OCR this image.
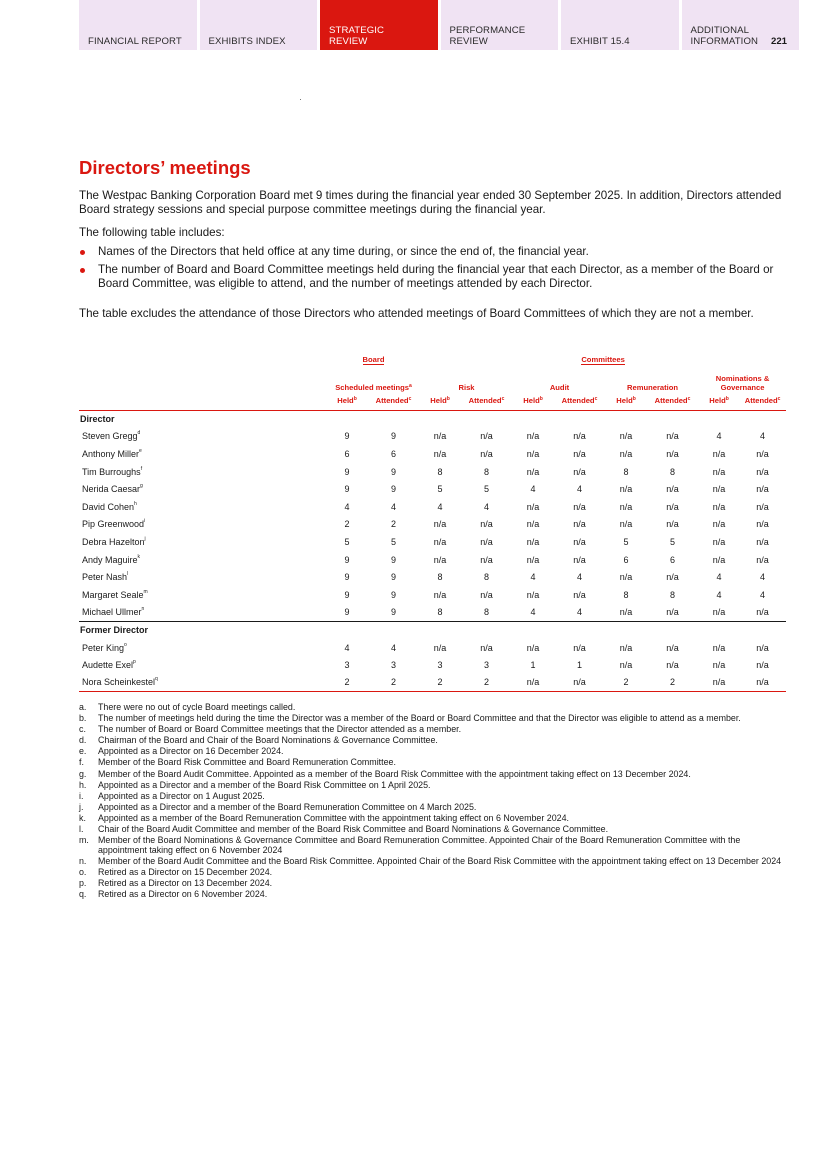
FINANCIAL REPORT	EXHIBITS INDEX
STRATEGIC
REVIEW
PERFORMANCE
REVIEW	EXHIBIT 15.4
ADDITIONAL
INFORMATION 221
Directors’ meetings

The Westpac Banking Corporation Board met 9 times during the financial year ended 30 September 2025. In addition, Directors attended Board strategy sessions and special purpose committee meetings during the financial year.

The following table includes:

Names of the Directors that held office at any time during, or since the end of, the financial year.
The number of Board and Board Committee meetings held during the financial year that each Director, as a member of the Board or Board Committee, was eligible to attend, and the number of meetings attended by each Director.

The table excludes the attendance of those Directors who attended meetings of Board Committees of which they are not a member.

	Board		Committees							
	Scheduled meetings$^a$		Risk		Audit		Remuneration		Nominations & Governance	
	Held$^b$	Attended$^c$	Held$^b$	Attended$^c$	Held$^b$	Attended$^c$	Held$^b$	Attended$^c$	Held$^b$	Attended$^c$
Director										
Steven Gregg$^d$	9	9	n/a	n/a	n/a	n/a	n/a	n/a	4	4
Anthony Miller$^e$	6	6	n/a	n/a	n/a	n/a	n/a	n/a	n/a	n/a
Tim Burroughs$^f$	9	9	8	8	n/a	n/a	8	8	n/a	n/a
Nerida Caesar$^g$	9	9	5	5	4	4	n/a	n/a	n/a	n/a
David Cohen$^h$	4	4	4	4	n/a	n/a	n/a	n/a	n/a	n/a
Pip Greenwood$^i$	2	2	n/a	n/a	n/a	n/a	n/a	n/a	n/a	n/a
Debra Hazelton$^j$	5	5	n/a	n/a	n/a	n/a	5	5	n/a	n/a
Andy Maguire$^k$	9	9	n/a	n/a	n/a	n/a	6	6	n/a	n/a
Peter Nash$^l$	9	9	8	8	4	4	n/a	n/a	4	4
Margaret Seale$^m$	9	9	n/a	n/a	n/a	n/a	8	8	4	4
Michael Ullmer$^n$	9	9	8	8	4	4	n/a	n/a	n/a	n/a
Former Director										
Peter King$^o$	4	4	n/a	n/a	n/a	n/a	n/a	n/a	n/a	n/a
Audette Exel$^p$	3	3	3	3	1	1	n/a	n/a	n/a	n/a
Nora Scheinkestel$^q$	2	2	2	2	n/a	n/a	2	2	n/a	n/a
a. There were no out of cycle Board meetings called.
b. The number of meetings held during the time the Director was a member of the Board or Board Committee and that the Director was eligible to attend as a member.
c. The number of Board or Board Committee meetings that the Director attended as a member.
d. Chairman of the Board and Chair of the Board Nominations & Governance Committee.
e. Appointed as a Director on 16 December 2024.
f. Member of the Board Risk Committee and Board Remuneration Committee.
g. Member of the Board Audit Committee. Appointed as a member of the Board Risk Committee with the appointment taking effect on 13 December 2024.
h. Appointed as a Director and a member of the Board Risk Committee on 1 April 2025.
i. Appointed as a Director on 1 August 2025.
j. Appointed as a Director and a member of the Board Remuneration Committee on 4 March 2025.
k. Appointed as a member of the Board Remuneration Committee with the appointment taking effect on 6 November 2024.
l. Chair of the Board Audit Committee and member of the Board Risk Committee and Board Nominations & Governance Committee.
m. Member of the Board Nominations & Governance Committee and Board Remuneration Committee. Appointed Chair of the Board Remuneration Committee with the appointment taking effect on 6 November 2024
n. Member of the Board Audit Committee and the Board Risk Committee. Appointed Chair of the Board Risk Committee with the appointment taking effect on 13 December 2024
o. Retired as a Director on 15 December 2024.
p. Retired as a Director on 13 December 2024.
q. Retired as a Director on 6 November 2024.
